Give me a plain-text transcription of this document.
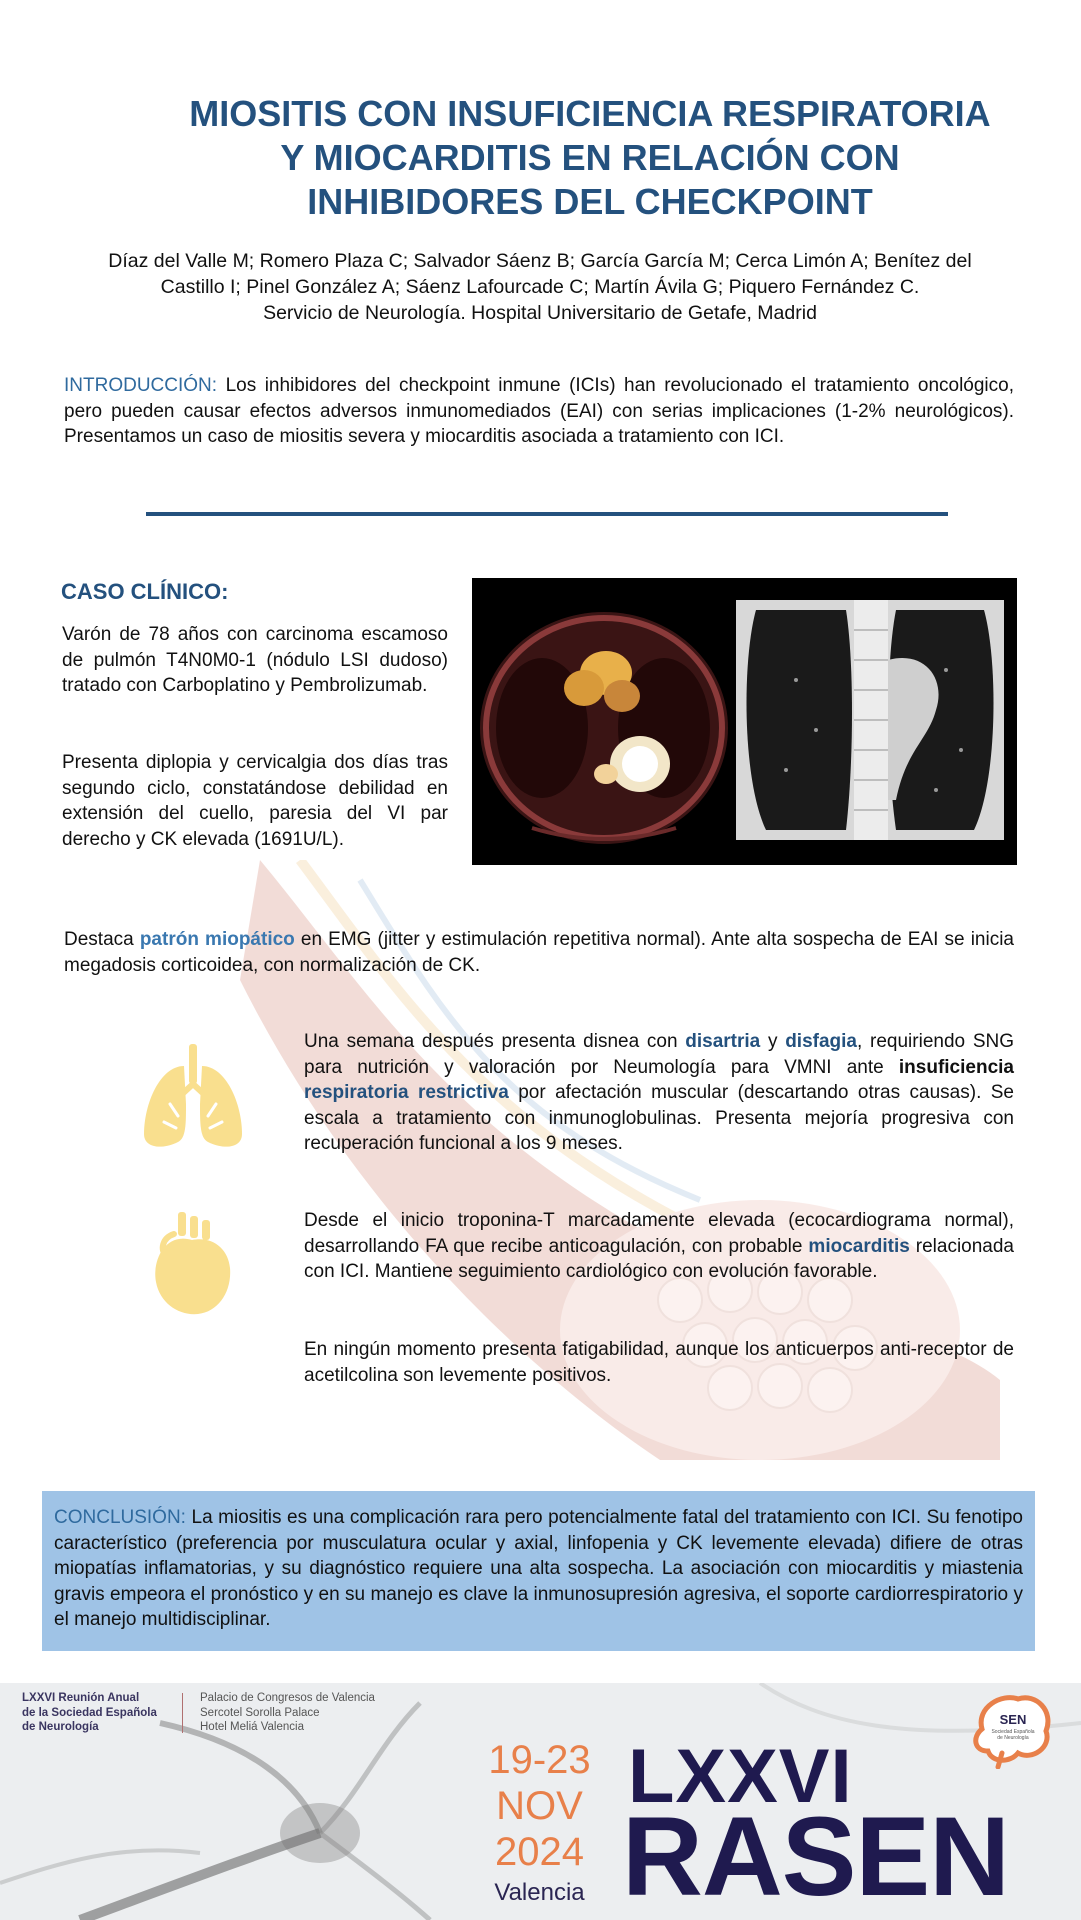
MIOSITIS CON INSUFICIENCIA RESPIRATORIA
Y MIOCARDITIS EN RELACIÓN CON
INHIBIDORES DEL CHECKPOINT
Díaz del Valle M; Romero Plaza C; Salvador Sáenz B; García García M; Cerca Limón A; Benítez del
Castillo I; Pinel González A; Sáenz Lafourcade C; Martín Ávila G; Piquero Fernández C.
Servicio de Neurología. Hospital Universitario de Getafe, Madrid
INTRODUCCIÓN: Los inhibidores del checkpoint inmune (ICIs) han revolucionado el tratamiento oncológico, pero pueden causar efectos adversos inmunomediados (EAI) con serias implicaciones (1-2% neurológicos). Presentamos un caso de miositis severa y miocarditis asociada a tratamiento con ICI.
CASO CLÍNICO:
Varón de 78 años con carcinoma escamoso de pulmón T4N0M0-1 (nódulo LSI dudoso) tratado con Carboplatino y Pembrolizumab.
Presenta diplopia y cervicalgia dos días tras segundo ciclo, constatándose debilidad en extensión del cuello, paresia del VI par derecho y CK elevada (1691U/L).
Destaca patrón miopático en EMG (jitter y estimulación repetitiva normal). Ante alta sospecha de EAI se inicia megadosis corticoidea, con normalización de CK.
Una semana después presenta disnea con disartria y disfagia, requiriendo SNG para nutrición y valoración por Neumología para VMNI ante insuficiencia respiratoria restrictiva por afectación muscular (descartando otras causas). Se escala a tratamiento con inmunoglobulinas. Presenta mejoría progresiva con recuperación funcional a los 9 meses.
Desde el inicio troponina-T marcadamente elevada (ecocardiograma normal), desarrollando FA que recibe anticoagulación, con probable miocarditis relacionada con ICI. Mantiene seguimiento cardiológico con evolución favorable.
En ningún momento presenta fatigabilidad, aunque los anticuerpos anti-receptor de acetilcolina son levemente positivos.
CONCLUSIÓN: La miositis es una complicación rara pero potencialmente fatal del tratamiento con ICI. Su fenotipo característico (preferencia por musculatura ocular y axial, linfopenia y CK levemente elevada) difiere de otras miopatías inflamatorias, y su diagnóstico requiere una alta sospecha. La asociación con miocarditis y miastenia gravis empeora el pronóstico y en su manejo es clave la inmunosupresión agresiva, el soporte cardiorrespiratorio y el manejo multidisciplinar.
LXXVI Reunión Anual
de la Sociedad Española
de Neurología
Palacio de Congresos de Valencia
Sercotel Sorolla Palace
Hotel Meliá Valencia
19-23
NOV
2024
Valencia
LXXVI
RASEN
SEN
Sociedad Española
de Neurología
